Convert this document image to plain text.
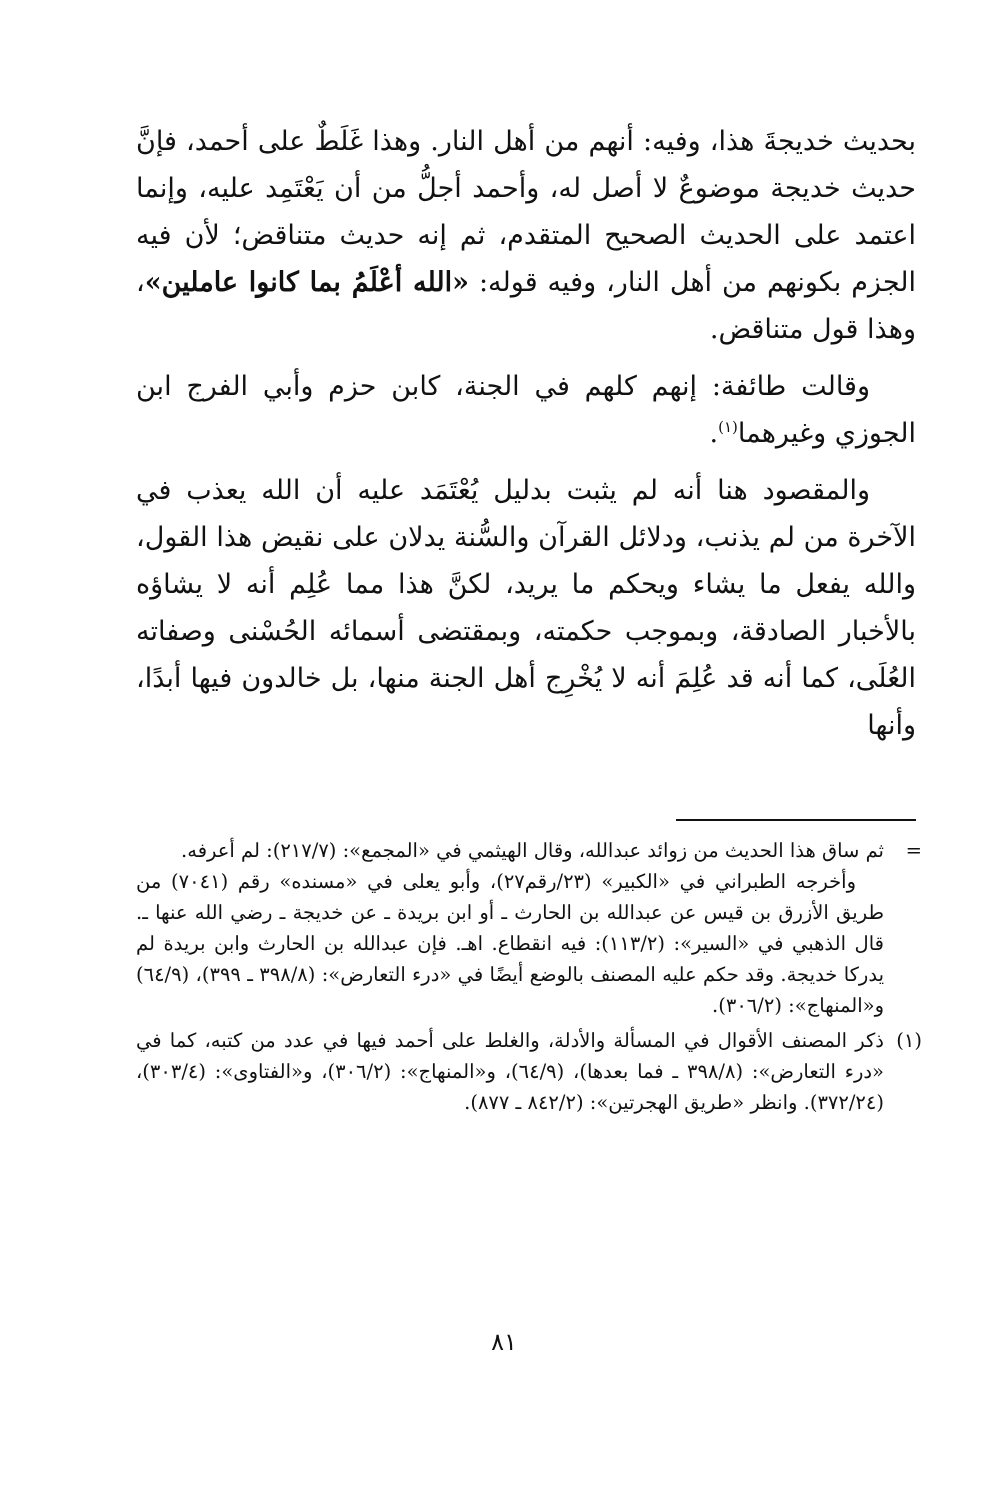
بحديث خديجةَ هذا، وفيه: أنهم من أهل النار. وهذا غَلَطٌ على أحمد، فإنَّ حديث خديجة موضوعٌ لا أصل له، وأحمد أجلُّ من أن يَعْتَمِد عليه، وإنما اعتمد على الحديث الصحيح المتقدم، ثم إنه حديث متناقض؛ لأن فيه الجزم بكونهم من أهل النار، وفيه قوله: «الله أعْلَمُ بما كانوا عاملين»، وهذا قول متناقض.

وقالت طائفة: إنهم كلهم في الجنة، كابن حزم وأبي الفرج ابن الجوزي وغيرهما$^{(١)}$.

والمقصود هنا أنه لم يثبت بدليل يُعْتَمَد عليه أن الله يعذب في الآخرة من لم يذنب، ودلائل القرآن والسُّنة يدلان على نقيض هذا القول، والله يفعل ما يشاء ويحكم ما يريد، لكنَّ هذا مما عُلِم أنه لا يشاؤه بالأخبار الصادقة، وبموجب حكمته، وبمقتضى أسمائه الحُسْنى وصفاته العُلَى، كما أنه قد عُلِمَ أنه لا يُخْرِج أهل الجنة منها، بل خالدون فيها أبدًا، وأنها

=

ثم ساق هذا الحديث من زوائد عبدالله، وقال الهيثمي في «المجمع»: (٢١٧/٧): لم أعرفه.

وأخرجه الطبراني في «الكبير» (٢٣/رقم٢٧)، وأبو يعلى في «مسنده» رقم (٧٠٤١) من طريق الأزرق بن قيس عن عبدالله بن الحارث ـ أو ابن بريدة ـ عن خديجة ـ رضي الله عنها ـ. قال الذهبي في «السير»: (١١٣/٢): فيه انقطاع. اهـ. فإن عبدالله بن الحارث وابن بريدة لم يدركا خديجة. وقد حكم عليه المصنف بالوضع أيضًا في «درء التعارض»: (٣٩٨/٨ ـ ٣٩٩)، (٦٤/٩) و«المنهاج»: (٣٠٦/٢).

(١)

ذكر المصنف الأقوال في المسألة والأدلة، والغلط على أحمد فيها في عدد من كتبه، كما في «درء التعارض»: (٣٩٨/٨ ـ فما بعدها)، (٦٤/٩)، و«المنهاج»: (٣٠٦/٢)، و«الفتاوى»: (٣٠٣/٤)، (٣٧٢/٢٤). وانظر «طريق الهجرتين»: (٨٤٢/٢ ـ ٨٧٧).

٨١
